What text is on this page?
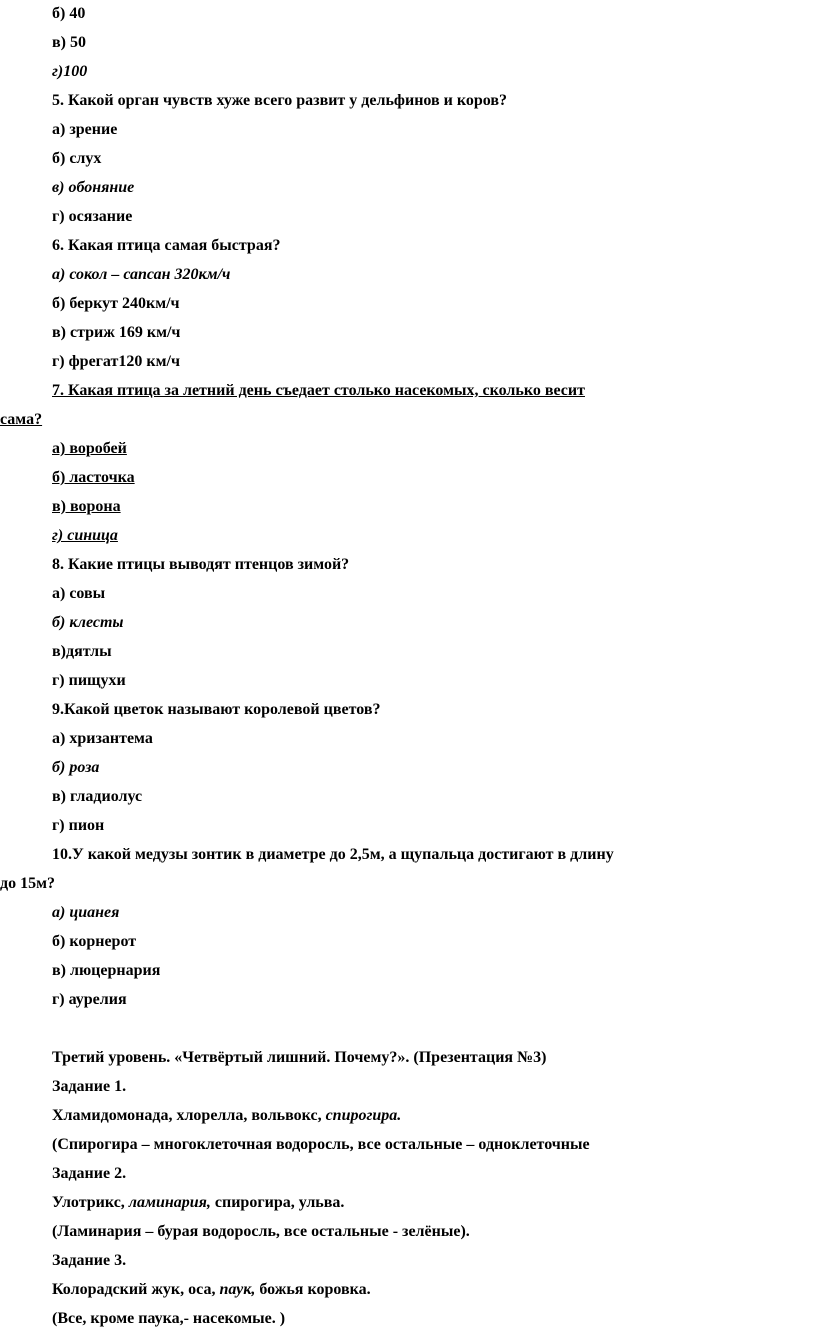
б) 40
в) 50
г)100
5. Какой орган чувств хуже всего развит у дельфинов и коров?
а) зрение
б) слух
в) обоняние
г) осязание
6. Какая птица самая быстрая?
а) сокол – сапсан 320км/ч
б) беркут 240км/ч
в) стриж 169 км/ч
г) фрегат120 км/ч
7. Какая птица за летний день съедает столько насекомых, сколько весит
сама?
а) воробей
б) ласточка
в) ворона
г) синица
8. Какие птицы выводят птенцов зимой?
а) совы
б) клесты
в)дятлы
г) пищухи
9.Какой цветок называют королевой цветов?
а) хризантема
б) роза
в) гладиолус
г) пион
10.У какой медузы зонтик в диаметре до 2,5м, а щупальца достигают в длину
до 15м?
а) цианея
б) корнерот
в) люцернария
г) аурелия
Третий уровень. «Четвёртый лишний. Почему?». (Презентация №3)
Задание 1.
Хламидомонада, хлорелла, вольвокс, спирогира.
(Спирогира – многоклеточная водоросль, все остальные – одноклеточные
Задание 2.
Улотрикс, ламинария, спирогира, ульва.
(Ламинария – бурая водоросль, все остальные - зелёные).
Задание 3.
Колорадский жук, оса, паук, божья коровка.
(Все, кроме паука,- насекомые. )
